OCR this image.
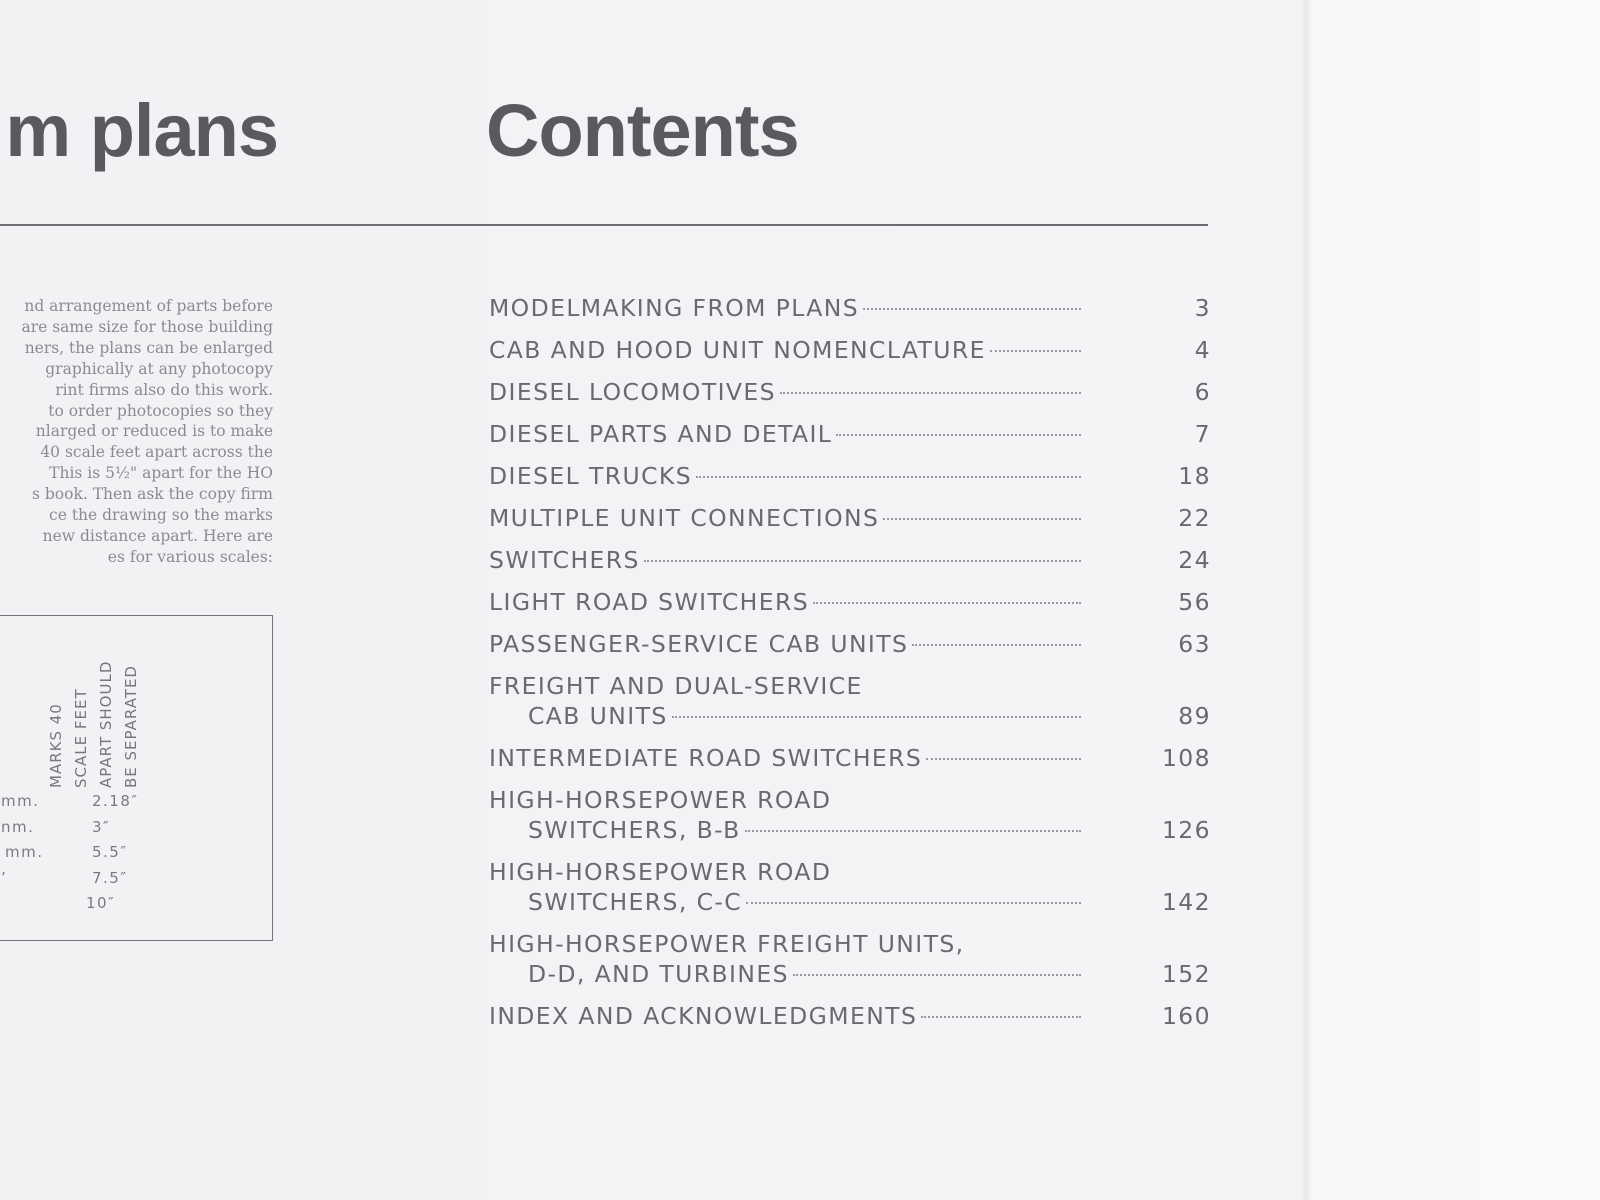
m plans	Contents
nd arrangement of parts before
are same size for those building
ners, the plans can be enlarged
graphically at any photocopy
rint firms also do this work.
to order photocopies so they
nlarged or reduced is to make
40 scale feet apart across the
This is 5½" apart for the HO
s book. Then ask the copy firm
ce the drawing so the marks
new distance apart. Here are
es for various scales:
MARKS 40 SCALE FEET APART SHOULD BE SEPARATED
mm.	2.18″
nm.	3″
mm.	5.5″
’	7.5″
10″
MODELMAKING FROM PLANS	3
CAB AND HOOD UNIT NOMENCLATURE	4
DIESEL LOCOMOTIVES	6
DIESEL PARTS AND DETAIL	7
DIESEL TRUCKS	18
MULTIPLE UNIT CONNECTIONS	22
SWITCHERS	24
LIGHT ROAD SWITCHERS	56
PASSENGER-SERVICE CAB UNITS	63
FREIGHT AND DUAL-SERVICE
CAB UNITS	89
INTERMEDIATE ROAD SWITCHERS	108
HIGH-HORSEPOWER ROAD
SWITCHERS, B-B	126
HIGH-HORSEPOWER ROAD
SWITCHERS, C-C	142
HIGH-HORSEPOWER FREIGHT UNITS,
D-D, AND TURBINES	152
INDEX AND ACKNOWLEDGMENTS	160
